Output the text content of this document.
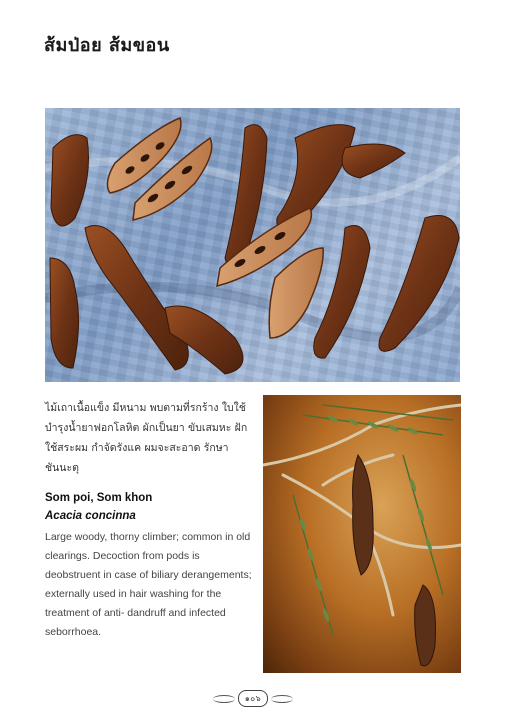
ส้มป่อย ส้มขอน

ไม้เถาเนื้อแข็ง มีหนาม พบตามที่รกร้าง ใบใช้บำรุงน้ำยาฟอกโลหิต ผักเป็นยา ขับเสมหะ ฝักใช้สระผม กำจัดรังแค ผมจะสะอาด รักษาชันนะตุ

Som poi, Som khon

Acacia concinna

Large woody, thorny climber; common in old clearings. Decoction from pods is deobstruent in case of biliary derangements; externally used in hair washing for the treatment of anti- dandruff and infected seborrhoea.

๑๐๖
